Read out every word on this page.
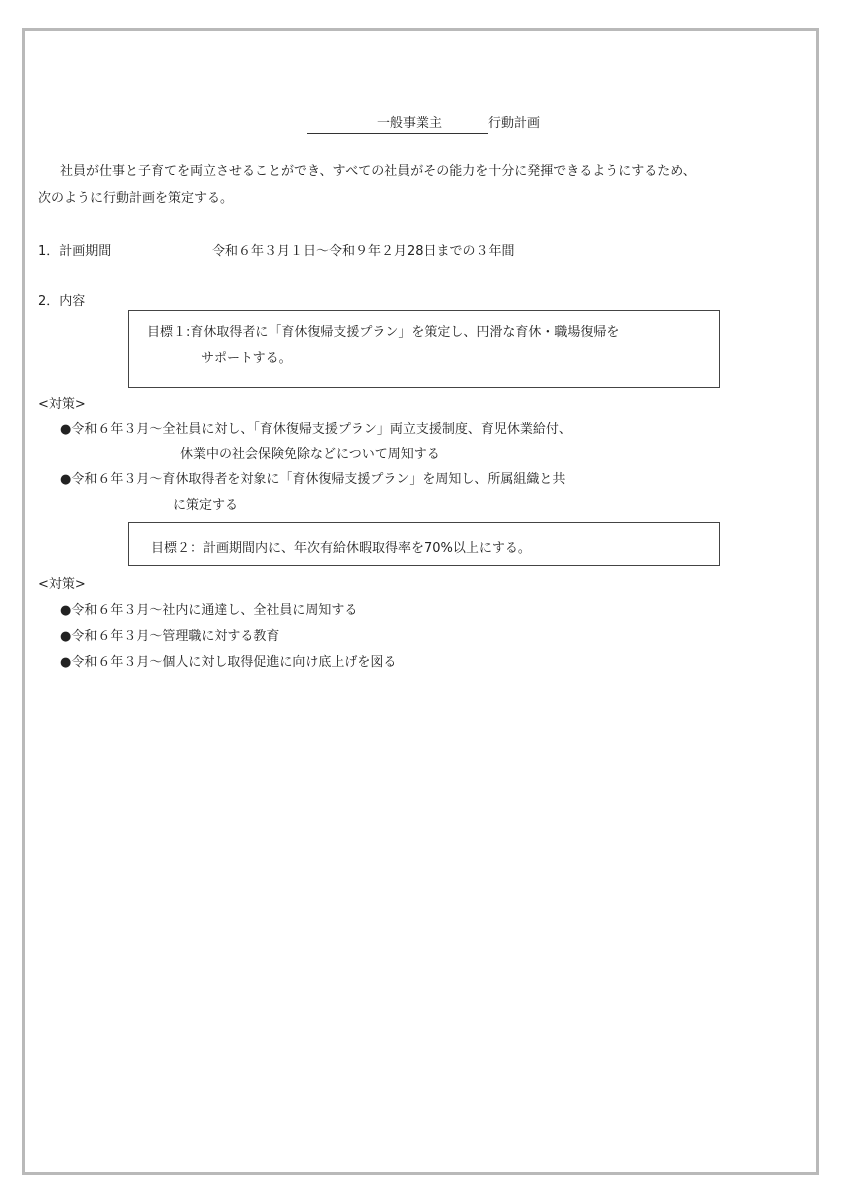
一般事業主	行動計画
社員が仕事と子育てを両立させることができ、すべての社員がその能力を十分に発揮できるようにするため、
次のように行動計画を策定する。
1．計画期間	令和６年３月１日～令和９年２月28日までの３年間
2．内容
目標１:育休取得者に「育休復帰支援プラン」を策定し、円滑な育休・職場復帰を
サポートする。
<対策>
●令和６年３月～全社員に対し、「育休復帰支援プラン」両立支援制度、育児休業給付、
休業中の社会保険免除などについて周知する
●令和６年３月～育休取得者を対象に「育休復帰支援プラン」を周知し、所属組織と共
に策定する
目標２：計画期間内に、年次有給休暇取得率を70%以上にする。
<対策>
●令和６年３月～社内に通達し、全社員に周知する
●令和６年３月～管理職に対する教育
●令和６年３月～個人に対し取得促進に向け底上げを図る
